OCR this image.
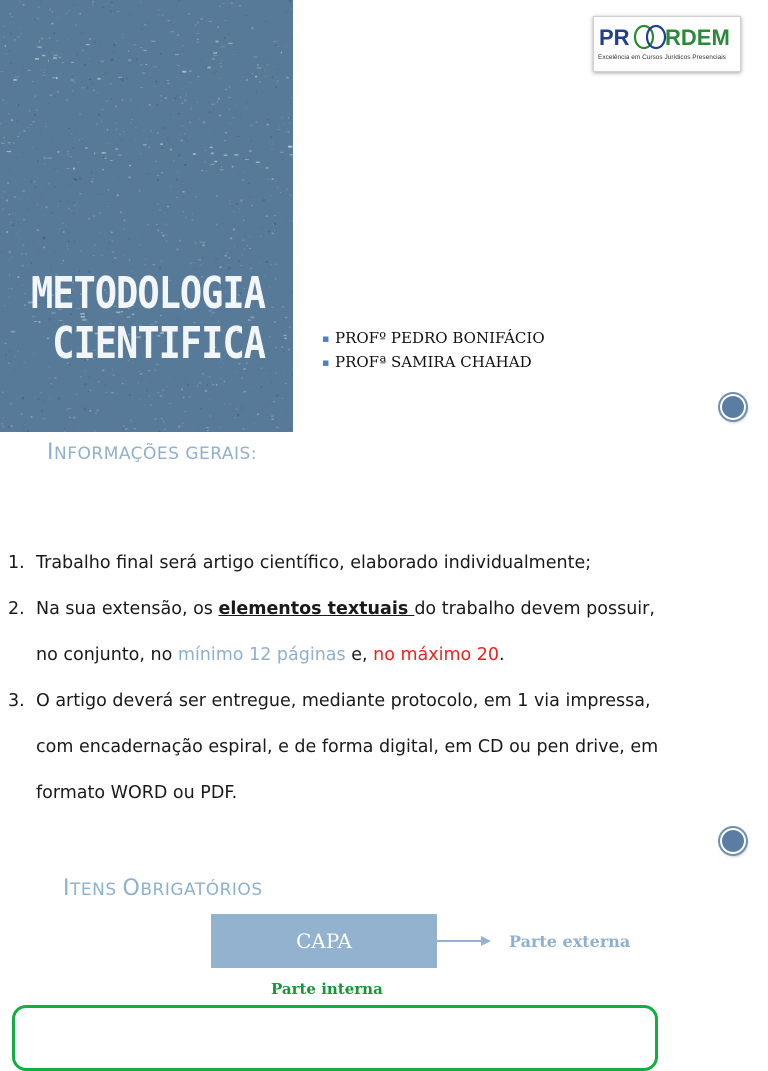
METODOLOGIA
CIENTIFICA
PR RDEM
Excelência em Cursos Jurídicos Presenciais
▪ PROFº PEDRO BONIFÁCIO
▪ PROFª SAMIRA CHAHAD
INFORMAÇÕES GERAIS:
1. Trabalho final será artigo científico, elaborado individualmente;
2. Na sua extensão, os elementos textuais do trabalho devem possuir, no conjunto, no mínimo 12 páginas e, no máximo 20.
3. O artigo deverá ser entregue, mediante protocolo, em 1 via impressa, com encadernação espiral, e de forma digital, em CD ou pen drive, em formato WORD ou PDF.
ITENS OBRIGATÓRIOS
CAPA	Parte externa
Parte interna
